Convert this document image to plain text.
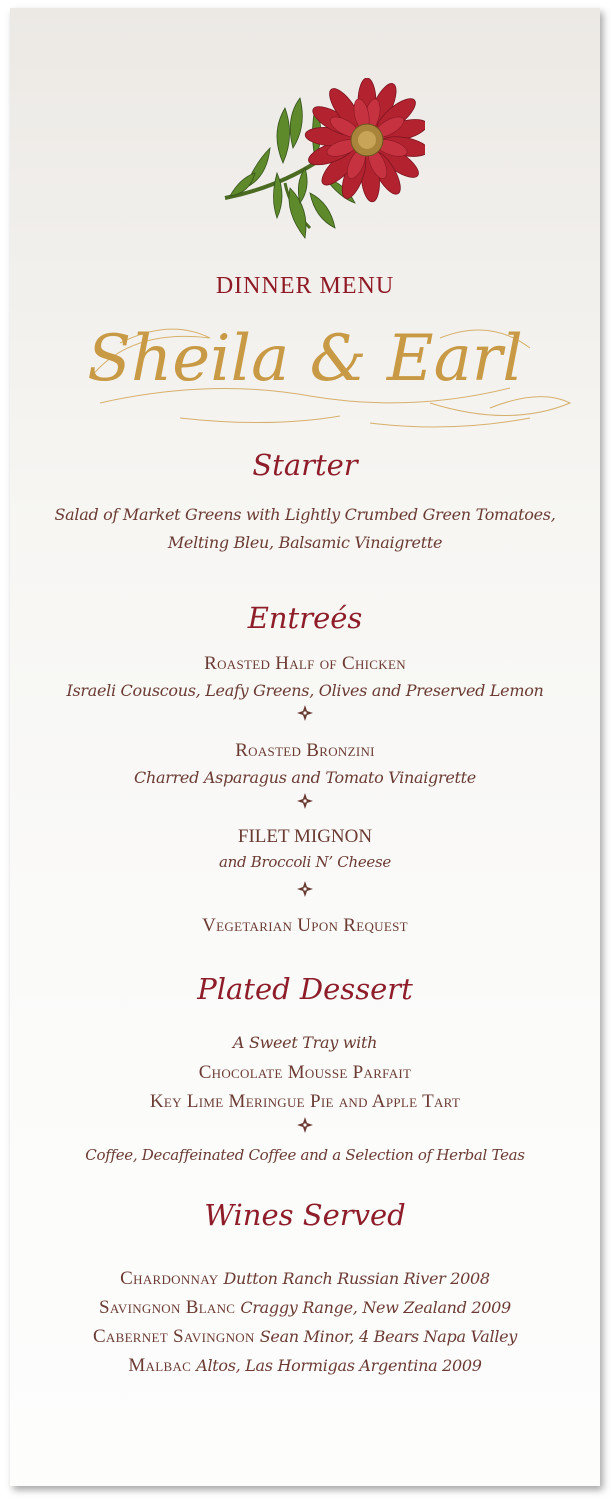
DINNER MENU
Sheila & Earl
Starter
Salad of Market Greens with Lightly Crumbed Green Tomatoes,
Melting Bleu, Balsamic Vinaigrette
Entreés
Roasted Half of Chicken
Israeli Couscous, Leafy Greens, Olives and Preserved Lemon
Roasted Bronzini
Charred Asparagus and Tomato Vinaigrette
FILET MIGNON
and Broccoli N’ Cheese
Vegetarian Upon Request
Plated Dessert
A Sweet Tray with
Chocolate Mousse Parfait
Key Lime Meringue Pie and Apple Tart
Coffee, Decaffeinated Coffee and a Selection of Herbal Teas
Wines Served
Chardonnay Dutton Ranch Russian River 2008
Savingnon Blanc Craggy Range, New Zealand 2009
Cabernet Savingnon Sean Minor, 4 Bears Napa Valley
Malbac Altos, Las Hormigas Argentina 2009
